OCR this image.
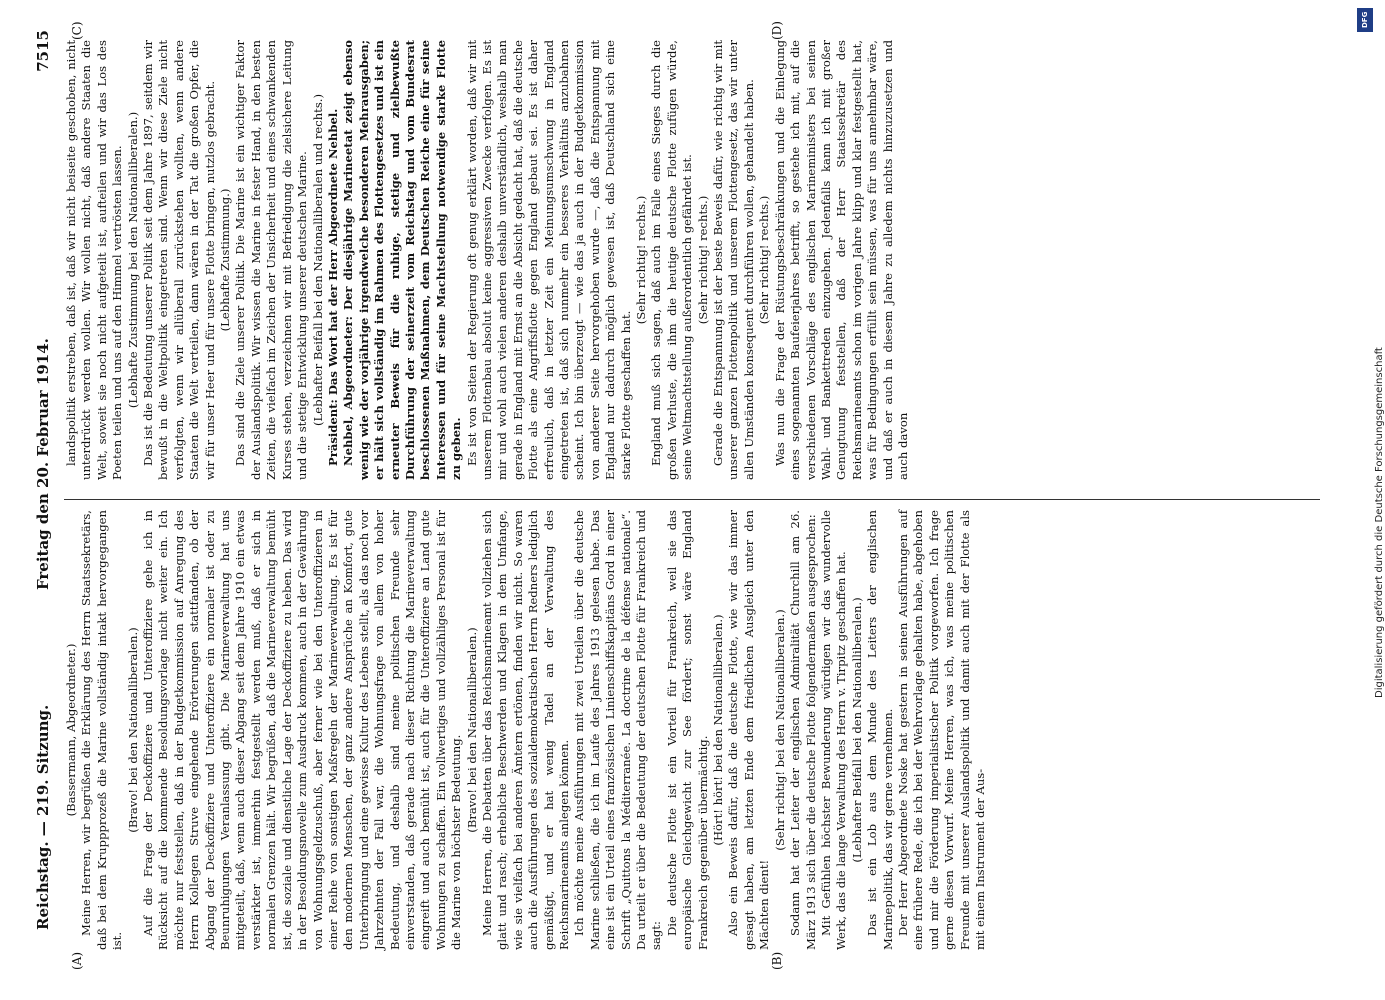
Reichstag. — 219. Sitzung.
Freitag den 20. Februar 1914.
7515
(A)	(B)
(C)	(D)

(Bassermann, Abgeordneter.) Meine Herren, wir begrüßen die Erklärung des Herrn Staatssekretärs, daß bei dem Kruppprozeß die Marine vollständig intakt hervorgegangen ist.

(Bravo! bei den Nationalliberalen.) Auf die Frage der Deckoffiziere und Unteroffiziere gehe ich in Rücksicht auf die kommende Besoldungsvorlage nicht weiter ein. Ich möchte nur feststellen, daß in der Budgetkommission auf Anregung des Herrn Kollegen Struve eingehende Erörterungen stattfanden, ob der Abgang der Deckoffiziere und Unteroffiziere ein normaler ist oder zu Beunruhigungen Veranlassung gibt. Die Marineverwaltung hat uns mitgeteilt, daß, wenn auch dieser Abgang seit dem Jahre 1910 ein etwas verstärkter ist, immerhin festgestellt werden muß, daß er sich in normalen Grenzen hält. Wir begrüßen, daß die Marineverwaltung bemüht ist, die soziale und dienstliche Lage der Deckoffiziere zu heben. Das wird in der Besoldungsnovelle zum Ausdruck kommen, auch in der Gewährung von Wohnungsgeldzuschuß, aber ferner wie bei den Unteroffizieren in einer Reihe von sonstigen Maßregeln der Marineverwaltung. Es ist für den modernen Menschen, der ganz andere Ansprüche an Komfort, gute Unterbringung und eine gewisse Kultur des Lebens stellt, als das noch vor Jahrzehnten der Fall war, die Wohnungsfrage von allem von hoher Bedeutung, und deshalb sind meine politischen Freunde sehr einverstanden, daß gerade nach dieser Richtung die Marineverwaltung eingreift und auch bemüht ist, auch für die Unteroffiziere an Land gute Wohnungen zu schaffen. Ein vollwertiges und vollzähliges Personal ist für die Marine von höchster Bedeutung.

(Bravo! bei den Nationalliberalen.) Meine Herren, die Debatten über das Reichsmarineamt vollziehen sich glatt und rasch; erhebliche Beschwerden und Klagen in dem Umfange, wie sie vielfach bei anderen Ämtern ertönen, finden wir nicht. So waren auch die Ausführungen des sozialdemokratischen Herrn Redners lediglich gemäßigt, und er hat wenig Tadel an der Verwaltung des Reichsmarineamts anlegen können. Ich möchte meine Ausführungen mit zwei Urteilen über die deutsche Marine schließen, die ich im Laufe des Jahres 1913 gelesen habe. Das eine ist ein Urteil eines französischen Linienschiffskapitäns Gord in einer Schrift „Quittons la Méditerranée. La doctrine de la défense nationale“. Da urteilt er über die Bedeutung der deutschen Flotte für Frankreich und sagt: Die deutsche Flotte ist ein Vorteil für Frankreich, weil sie das europäische Gleichgewicht zur See fördert; sonst wäre England Frankreich gegenüber übermächtig. (Hört! hört! bei den Nationalliberalen.) Also ein Beweis dafür, daß die deutsche Flotte, wie wir das immer gesagt haben, am letzten Ende dem friedlichen Ausgleich unter den Mächten dient!

(Sehr richtig! bei den Nationalliberalen.) Sodann hat der Leiter der englischen Admiralität Churchill am 26. März 1913 sich über die deutsche Flotte folgendermaßen ausgesprochen: Mit Gefühlen höchster Bewunderung würdigen wir das wundervolle Werk, das die lange Verwaltung des Herrn v. Tirpitz geschaffen hat. (Lebhafter Beifall bei den Nationalliberalen.) Das ist ein Lob aus dem Munde des Leiters der englischen Marinepolitik, das wir gerne vernehmen. Der Herr Abgeordnete Noske hat gestern in seinen Ausführungen auf eine frühere Rede, die ich bei der Wehrvorlage gehalten habe, abgehoben und mir die Förderung imperialistischer Politik vorgeworfen. Ich frage gerne diesen Vorwurf. Meine Herren, was ich, was meine politischen Freunde mit unserer Auslandspolitik und damit auch mit der Flotte als mit einem Instrument der Aus-

landspolitik erstreben, daß ist, daß wir nicht beiseite geschoben, nicht unterdrückt werden wollen. Wir wollen nicht, daß andere Staaten die Welt, soweit sie noch nicht aufgeteilt ist, aufteilen und wir das Los des Poeten teilen und uns auf den Himmel vertrösten lassen. (Lebhafte Zustimmung bei den Nationalliberalen.) Das ist die Bedeutung unserer Politik seit dem Jahre 1897, seitdem wir bewußt in die Weltpolitik eingetreten sind. Wenn wir diese Ziele nicht verfolgten, wenn wir allüberall zurückstehen wollten, wenn andere Staaten die Welt verteilen, dann wären in der Tat die großen Opfer, die wir für unser Heer und für unsere Flotte bringen, nutzlos gebracht. (Lebhafte Zustimmung.) Das sind die Ziele unserer Politik. Die Marine ist ein wichtiger Faktor der Auslandspolitik. Wir wissen die Marine in fester Hand, in den besten Zeiten, die vielfach im Zeichen der Unsicherheit und eines schwankenden Kurses stehen, verzeichnen wir mit Befriedigung die zielsichere Leitung und die stetige Entwicklung unserer deutschen Marine. (Lebhafter Beifall bei den Nationalliberalen und rechts.) Präsident: Das Wort hat der Herr Abgeordnete Nehbel. Nehbel, Abgeordneter: Der diesjährige Marineetat zeigt ebenso wenig wie der vorjährige irgendwelche besonderen Mehrausgaben; er hält sich vollständig im Rahmen des Flottengesetzes und ist ein erneuter Beweis für die ruhige, stetige und zielbewußte Durchführung der seinerzeit vom Reichstag und vom Bundesrat beschlossenen Maßnahmen, dem Deutschen Reiche eine für seine Interessen und für seine Machtstellung notwendige starke Flotte zu geben. Es ist von Seiten der Regierung oft genug erklärt worden, daß wir mit unserem Flottenbau absolut keine aggressiven Zwecke verfolgen. Es ist mir und wohl auch vielen anderen deshalb unverständlich, weshalb man gerade in England mit Ernst an die Absicht gedacht hat, daß die deutsche Flotte als eine Angriffsflotte gegen England gebaut sei. Es ist daher erfreulich, daß in letzter Zeit ein Meinungsumschwung in England eingetreten ist, daß sich nunmehr ein besseres Verhältnis anzubahnen scheint. Ich bin überzeugt — wie das ja auch in der Budgetkommission von anderer Seite hervorgehoben wurde —, daß die Entspannung mit England nur dadurch möglich gewesen ist, daß Deutschland sich eine starke Flotte geschaffen hat.

(Sehr richtig! rechts.) England muß sich sagen, daß auch im Falle eines Sieges durch die großen Verluste, die ihm die heutige deutsche Flotte zufügen würde, seine Weltmachtstellung außerordentlich gefährdet ist. (Sehr richtig! rechts.) Gerade die Entspannung ist der beste Beweis dafür, wie richtig wir mit unserer ganzen Flottenpolitik und unserem Flottengesetz, das wir unter allen Umständen konsequent durchführen wollen, gehandelt haben. (Sehr richtig! rechts.) Was nun die Frage der Rüstungsbeschränkungen und die Einlegung eines sogenannten Baufeierjahres betrifft, so gestehe ich mit, auf die verschiedenen Vorschläge des englischen Marineministers bei seinen Wahl- und Bankettreden einzugehen. Jedenfalls kann ich mit großer Genugtuung feststellen, daß der Herr Staatssekretär des Reichsmarineamts schon im vorigen Jahre klipp und klar festgestellt hat, was für Bedingungen erfüllt sein müssen, was für uns annehmbar wäre, und daß er auch in diesem Jahre zu alledem nichts hinzuzusetzen und auch davon

DFG
Digitalisierung gefördert durch die Deutsche Forschungsgemeinschaft
